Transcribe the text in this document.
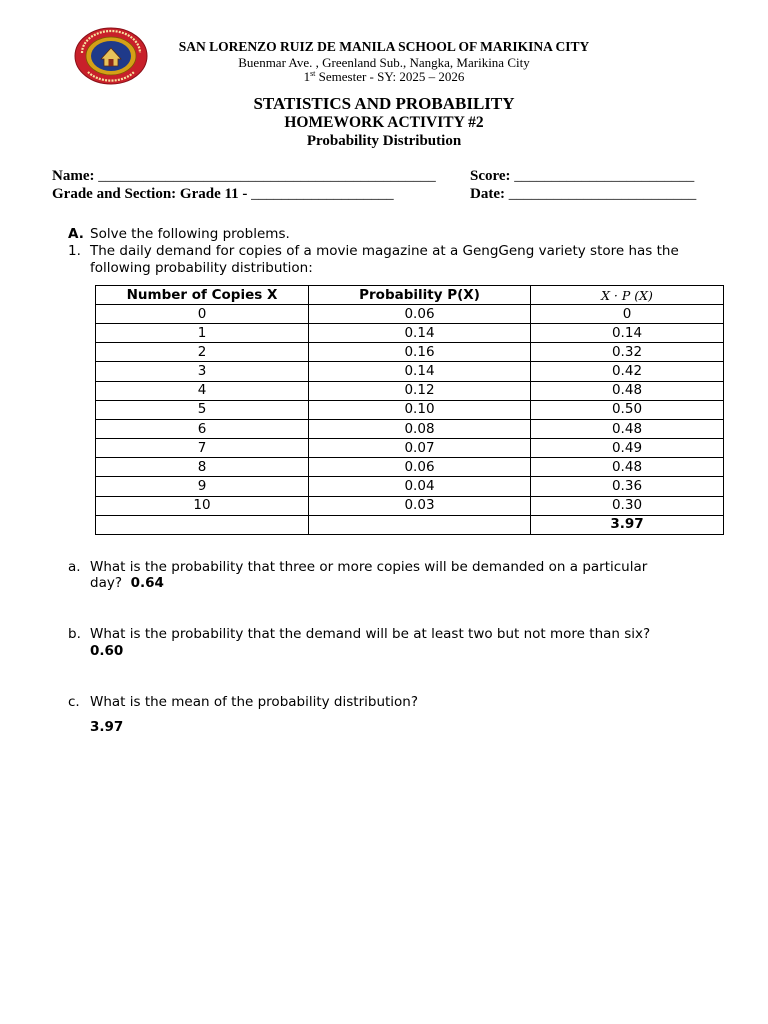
SAN LORENZO RUIZ DE MANILA SCHOOL OF MARIKINA CITY
Buenmar Ave. , Greenland Sub., Nangka, Marikina City
1st Semester - SY: 2025 – 2026
STATISTICS AND PROBABILITY
HOMEWORK ACTIVITY #2
Probability Distribution
Name: _____________________________________________ Score: ________________________
Grade and Section: Grade 11 - ___________________	Date: _________________________
A. Solve the following problems.
1. The daily demand for copies of a movie magazine at a GengGeng variety store has the following probability distribution:
Number of Copies X	Probability P(X)	X · P (X)
0	0.06	0
1	0.14	0.14
2	0.16	0.32
3	0.14	0.42
4	0.12	0.48
5	0.10	0.50
6	0.08	0.48
7	0.07	0.49
8	0.06	0.48
9	0.04	0.36
10	0.03	0.30
		3.97
a. What is the probability that three or more copies will be demanded on a particular
day? 0.64
b. What is the probability that the demand will be at least two but not more than six?
0.60
c. What is the mean of the probability distribution?
3.97
